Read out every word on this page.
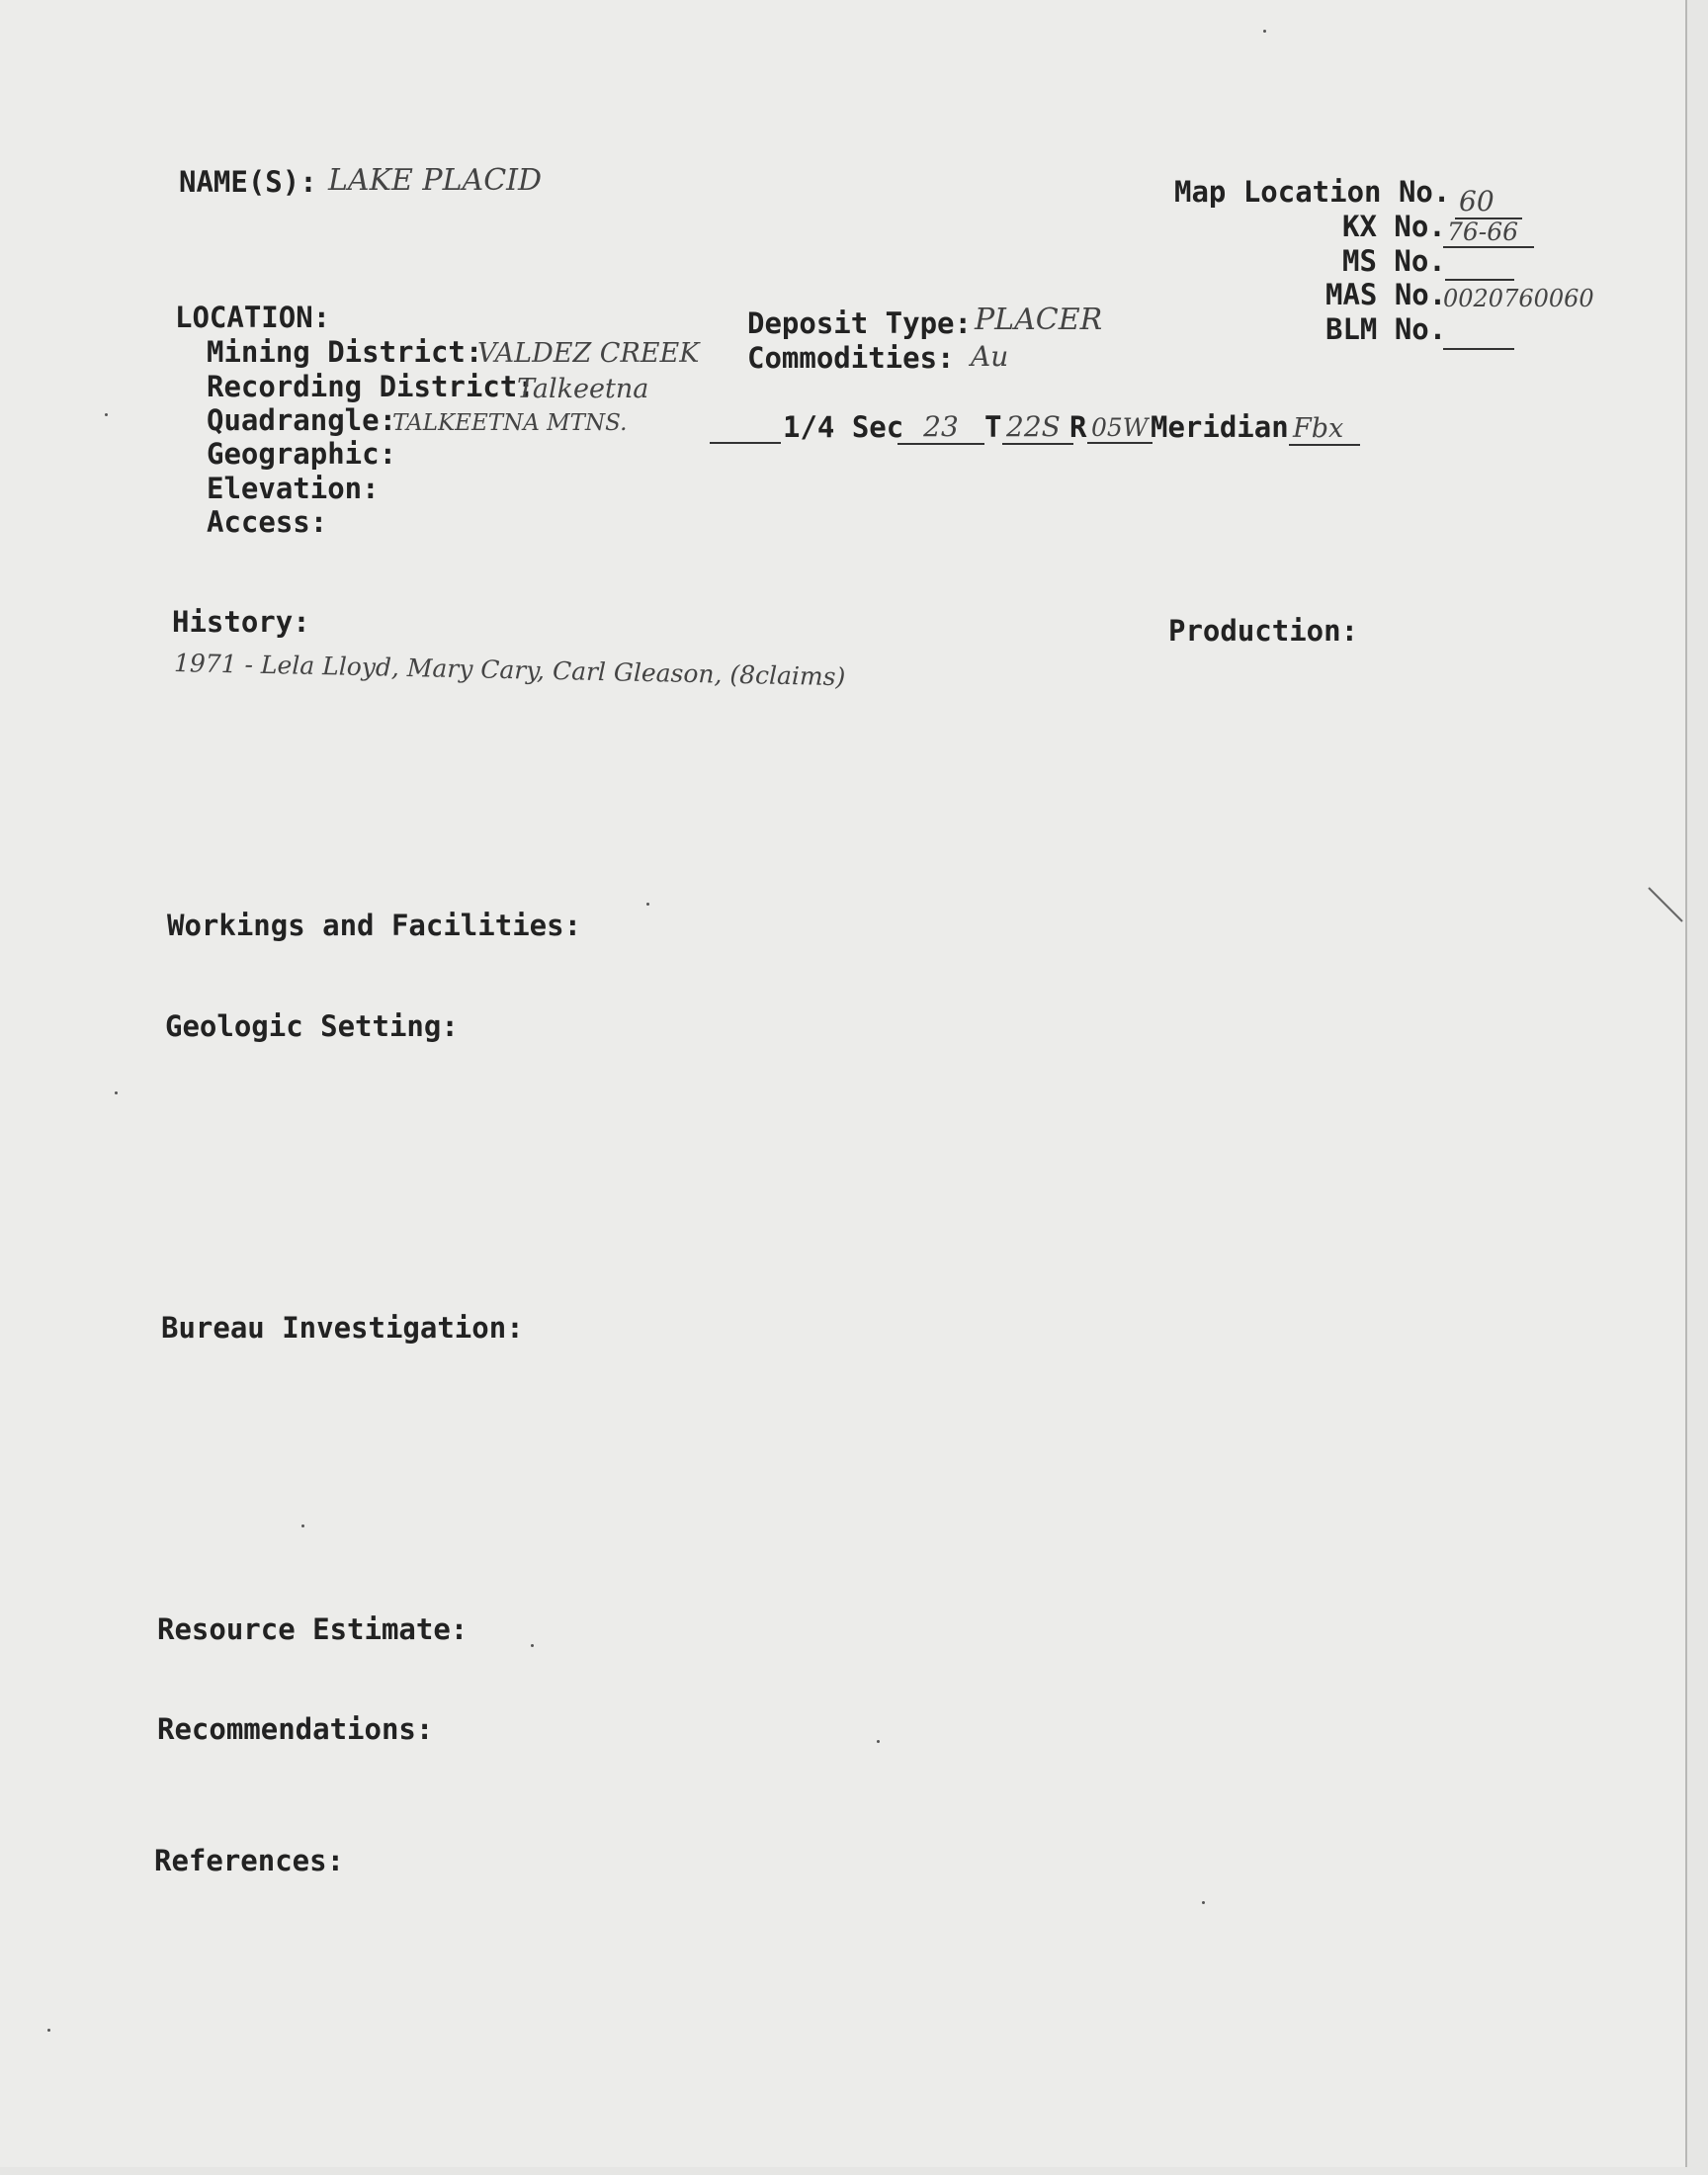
NAME(S): LAKE PLACID	Map Location No. 60
KX No. 76-66
MS No.
MAS No.
0020760060
BLM No.
LOCATION:
Mining District:
VALDEZ CREEK
Recording District:
Talkeetna
Quadrangle:
TALKEETNA MTNS.
Geographic:
Elevation:
Access:
Deposit Type: PLACER
Commodities: Au
1/4 Sec 23 T 22S R 05W Meridian Fbx
History:
1971 - Lela Lloyd, Mary Cary, Carl Gleason, (8claims)
Production:
Workings and Facilities:
Geologic Setting:
Bureau Investigation:
Resource Estimate:
Recommendations:
References:
